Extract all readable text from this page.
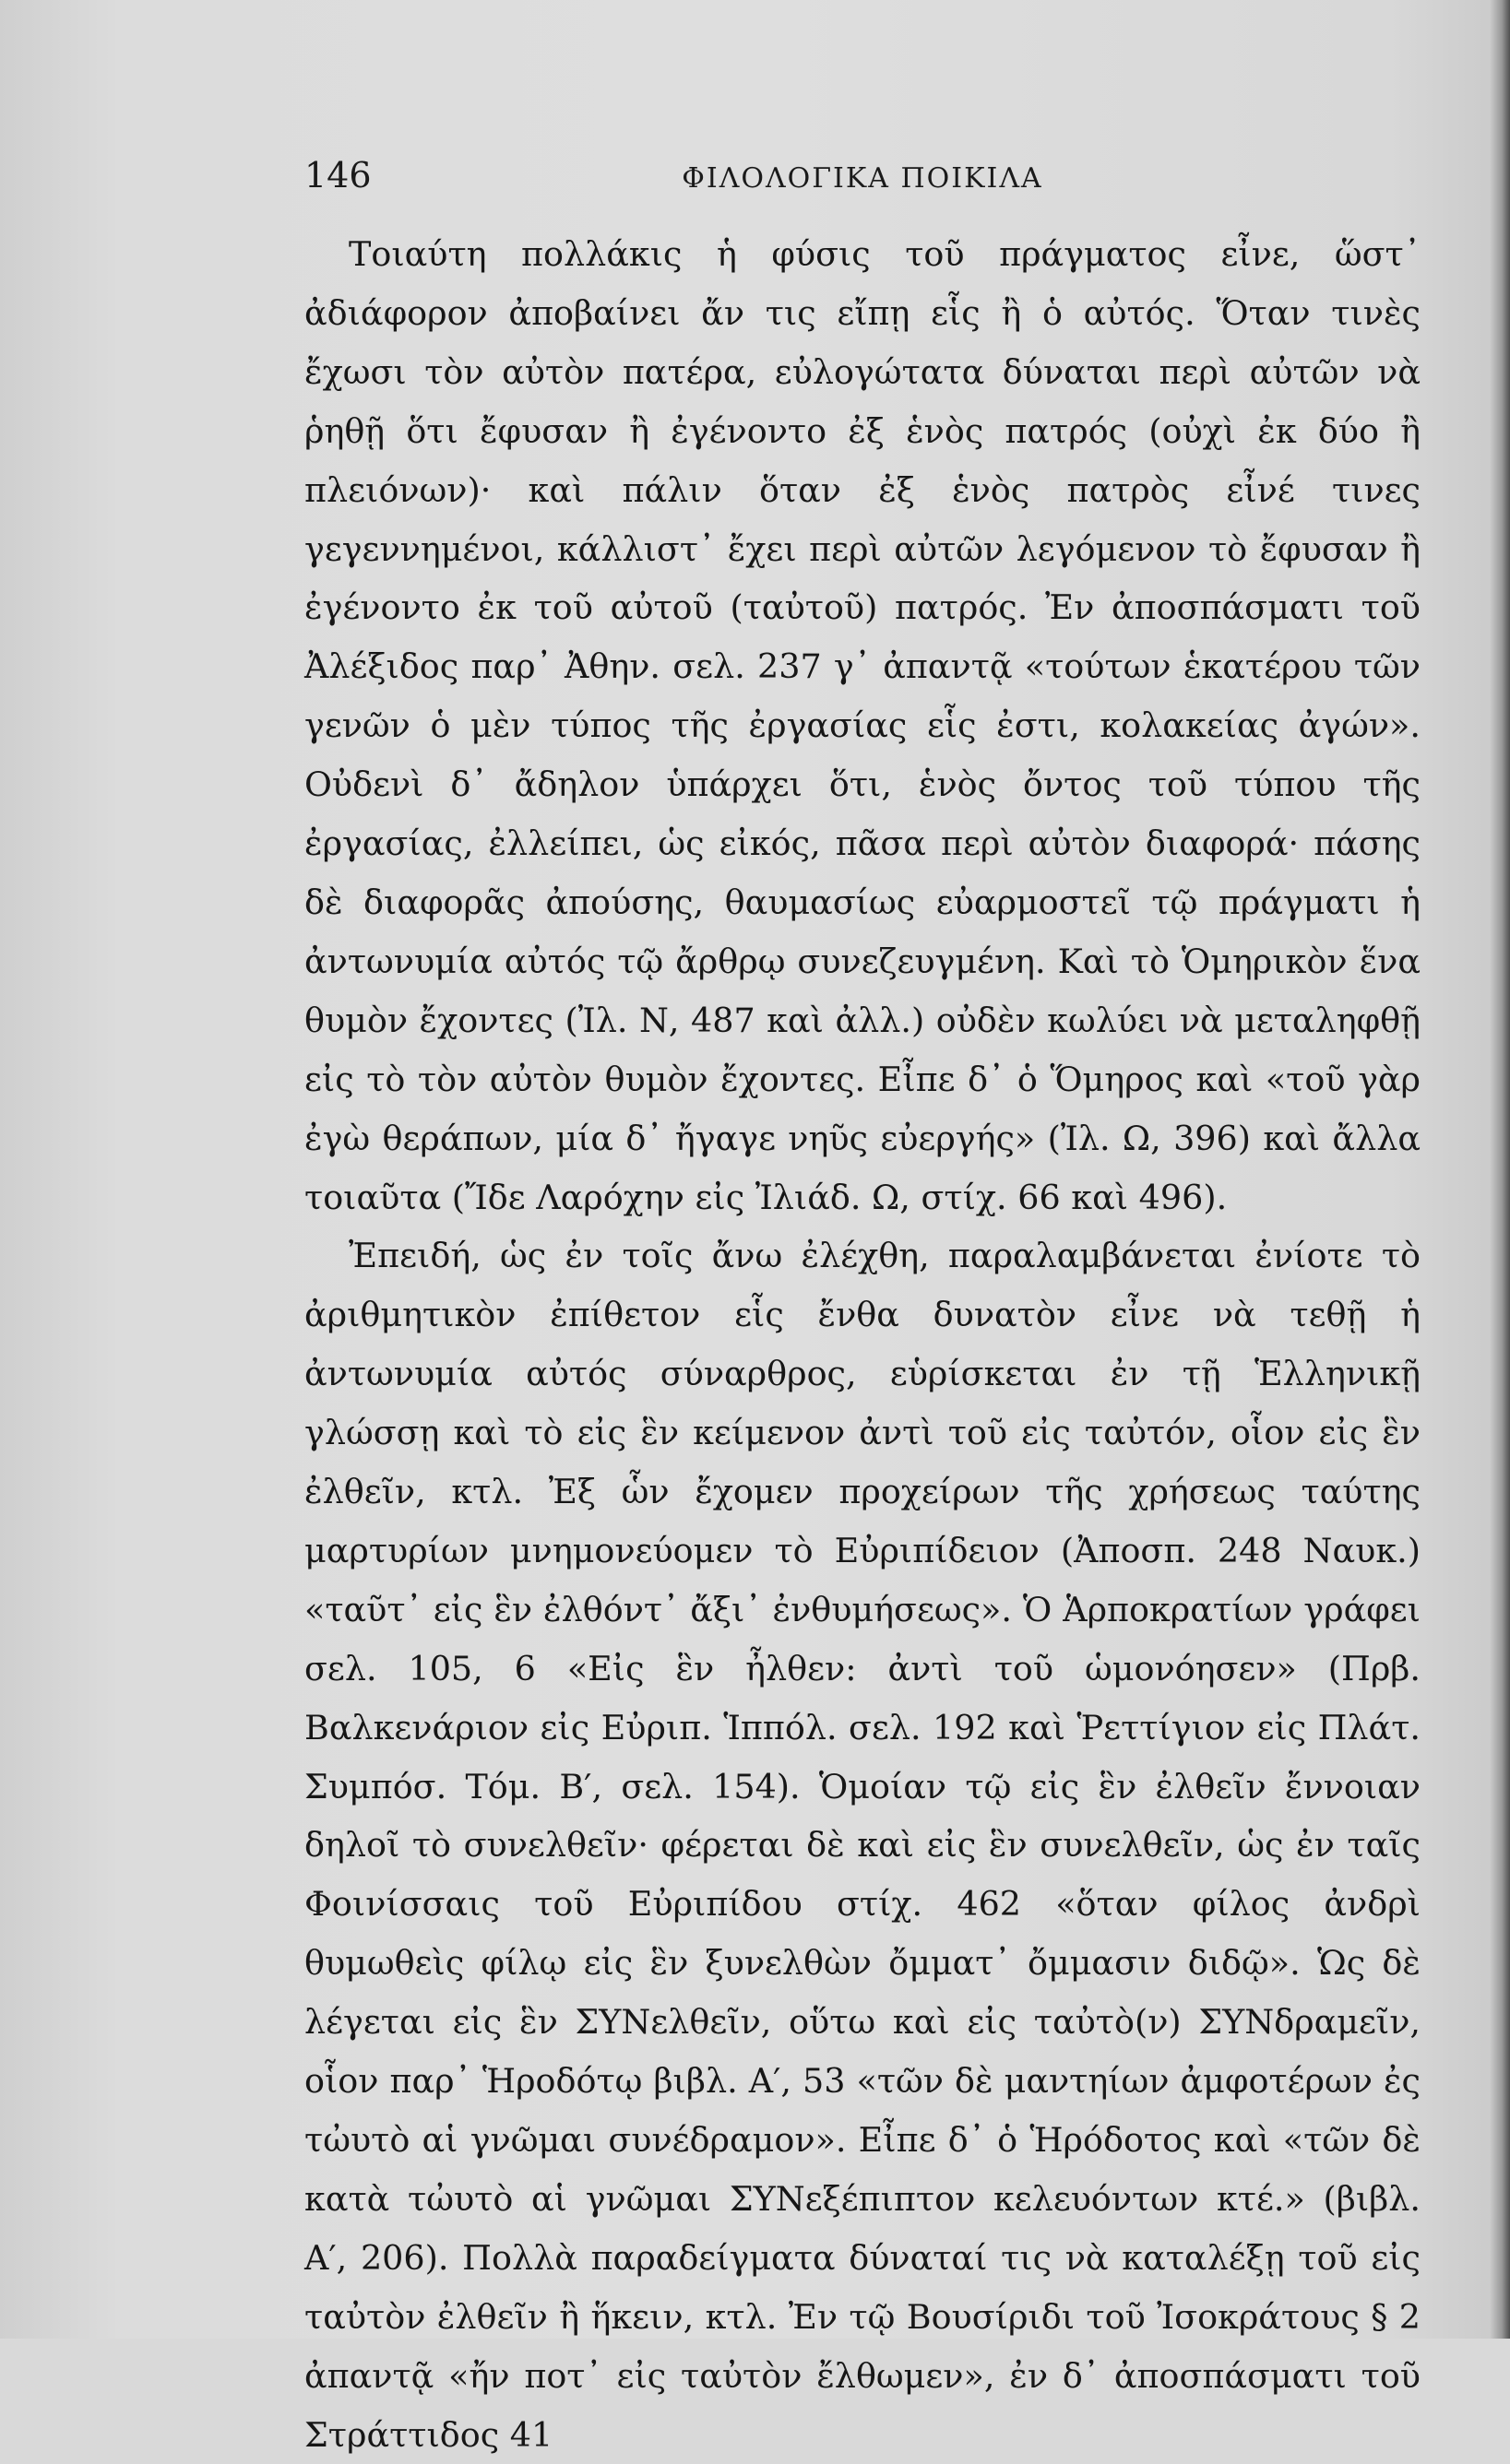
146	ΦΙΛΟΛΟΓΙΚΑ ΠΟΙΚΙΛΑ

Τοιαύτη πολλάκις ἡ φύσις τοῦ πράγματος εἶνε, ὥστ᾽ ἀδιάφορον ἀποβαίνει ἄν τις εἴπῃ εἷς ἢ ὁ αὐτός. Ὅταν τινὲς ἔχωσι τὸν αὐτὸν πατέρα, εὐλογώτατα δύναται περὶ αὐτῶν νὰ ῥηθῇ ὅτι ἔφυσαν ἢ ἐγένοντο ἐξ ἑνὸς πατρός (οὐχὶ ἐκ δύο ἢ πλειόνων)· καὶ πάλιν ὅταν ἐξ ἑνὸς πατρὸς εἶνέ τινες γεγεννημένοι, κάλλιστ᾽ ἔχει περὶ αὐτῶν λεγόμενον τὸ ἔφυσαν ἢ ἐγένοντο ἐκ τοῦ αὐτοῦ (ταὐτοῦ) πατρός. Ἐν ἀποσπάσματι τοῦ Ἀλέξιδος παρ᾽ Ἀθην. σελ. 237 γ᾽ ἀπαντᾷ «τούτων ἑκατέρου τῶν γενῶν ὁ μὲν τύπος τῆς ἐργασίας εἷς ἐστι, κολακείας ἀγών». Οὐδενὶ δ᾽ ἄδηλον ὑπάρχει ὅτι, ἑνὸς ὄντος τοῦ τύπου τῆς ἐργασίας, ἐλλείπει, ὡς εἰκός, πᾶσα περὶ αὐτὸν διαφορά· πάσης δὲ διαφορᾶς ἀπούσης, θαυμασίως εὐαρμοστεῖ τῷ πράγματι ἡ ἀντωνυμία αὐτός τῷ ἄρθρῳ συνεζευγμένη. Καὶ τὸ Ὁμηρικὸν ἕνα θυμὸν ἔχοντες (Ἰλ. Ν, 487 καὶ ἀλλ.) οὐδὲν κωλύει νὰ μεταληφθῇ εἰς τὸ τὸν αὐτὸν θυμὸν ἔχοντες. Εἶπε δ᾽ ὁ Ὅμηρος καὶ «τοῦ γὰρ ἐγὼ θεράπων, μία δ᾽ ἤγαγε νηῦς εὐεργής» (Ἰλ. Ω, 396) καὶ ἄλλα τοιαῦτα (Ἴδε Λαρόχην εἰς Ἰλιάδ. Ω, στίχ. 66 καὶ 496).

Ἐπειδή, ὡς ἐν τοῖς ἄνω ἐλέχθη, παραλαμβάνεται ἐνίοτε τὸ ἀριθμητικὸν ἐπίθετον εἷς ἔνθα δυνατὸν εἶνε νὰ τεθῇ ἡ ἀντωνυμία αὐτός σύναρθρος, εὑρίσκεται ἐν τῇ Ἑλληνικῇ γλώσσῃ καὶ τὸ εἰς ἓν κείμενον ἀντὶ τοῦ εἰς ταὐτόν, οἷον εἰς ἓν ἐλθεῖν, κτλ. Ἐξ ὧν ἔχομεν προχείρων τῆς χρήσεως ταύτης μαρτυρίων μνημονεύομεν τὸ Εὐριπίδειον (Ἀποσπ. 248 Ναυκ.) «ταῦτ᾽ εἰς ἓν ἐλθόντ᾽ ἄξι᾽ ἐνθυμήσεως». Ὁ Ἁρποκρατίων γράφει σελ. 105, 6 «Εἰς ἓν ἦλθεν: ἀντὶ τοῦ ὡμονόησεν» (Πρβ. Βαλκενάριον εἰς Εὐριπ. Ἱππόλ. σελ. 192 καὶ Ῥεττίγιον εἰς Πλάτ. Συμπόσ. Τόμ. Β′, σελ. 154). Ὁμοίαν τῷ εἰς ἓν ἐλθεῖν ἔννοιαν δηλοῖ τὸ συνελθεῖν· φέρεται δὲ καὶ εἰς ἓν συνελθεῖν, ὡς ἐν ταῖς Φοινίσσαις τοῦ Εὐριπίδου στίχ. 462 «ὅταν φίλος ἀνδρὶ θυμωθεὶς φίλῳ εἰς ἓν ξυνελθὼν ὄμματ᾽ ὄμμασιν διδῷ». Ὡς δὲ λέγεται εἰς ἓν ΣΥΝελθεῖν, οὕτω καὶ εἰς ταὐτὸ(ν) ΣΥΝδραμεῖν, οἷον παρ᾽ Ἡροδότῳ βιβλ. Α′, 53 «τῶν δὲ μαντηίων ἀμφοτέρων ἐς τὠυτὸ αἱ γνῶμαι συνέδραμον». Εἶπε δ᾽ ὁ Ἡρόδοτος καὶ «τῶν δὲ κατὰ τὠυτὸ αἱ γνῶμαι ΣΥΝεξέπιπτον κελευόντων κτέ.» (βιβλ. Α′, 206). Πολλὰ παραδείγματα δύναταί τις νὰ καταλέξῃ τοῦ εἰς ταὐτὸν ἐλθεῖν ἢ ἥκειν, κτλ. Ἐν τῷ Βουσίριδι τοῦ Ἰσοκράτους § 2 ἀπαντᾷ «ἤν ποτ᾽ εἰς ταὐτὸν ἔλθωμεν», ἐν δ᾽ ἀποσπάσματι τοῦ Στράττιδος 41
